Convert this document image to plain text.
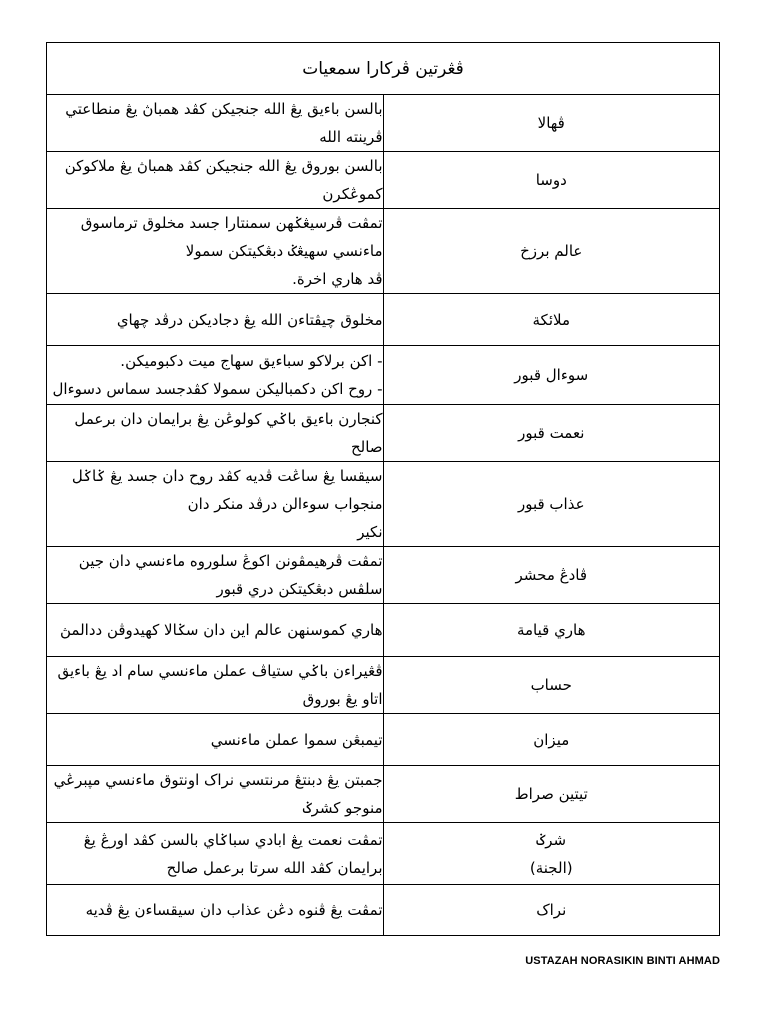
ڤڠرتين ڤركارا سمعيات	
ڤهالا	بالسن باءيق يڠ الله جنجيكن كڤد همباڽ يڠ منطاعتي ڤرينته الله

دوسا	بالسن بوروق يڠ الله جنجيكن كڤد همباڽ يڠ ملاكوكن كموڠكرن

عالم برزخ	تمڤت ڤرسيڠݢهن سمنتارا جسد مخلوق ترماسوق ماءنسي سهيڠݢ دبڠكيتكن سمولا
ڤد هاري اخرة.

ملائكة	مخلوق چيڤتاءن الله يڠ دجاديكن درڤد چهاي

سوءال قبور	- اكن برلاكو سباءيق سهاج ميت دكبوميكن.
- روح اكن دكمباليكن سمولا كڤدجسد سماس دسوءال

نعمت قبور	كنجارن باءيق باݢي كولوڠن يڠ برايمان دان برعمل صالح

عذاب قبور	سيقسا يڠ ساڠت ڤديه كڤد روح دان جسد يڠ ݢاݢل منجواب سوءالن درڤد منكر دان
نكير

ڤادڠ محشر	تمڤت ڤرهيمڤونن اكوڠ سلوروه ماءنسي دان جين سلڤس دبڠكيتكن دري قبور

هاري قيامة	هاري كموسنهن عالم اين دان سݢالا كهيدوڤن ددالمڽ

حساب	ڤڠيراءن باݢي ستياڤ عملن ماءنسي سام اد يڠ باءيق اتاو يڠ بوروق

ميزان	تيمبڠن سموا عملن ماءنسي

تيتين صراط	جمبتن يڠ دبنتڠ مرنتسي نراک اونتوق ماءنسي مڽبرڠي منوجو كشرݢ

شرݢ
(الجنة)	تمڤت نعمت يڠ ابادي سباݢاي بالسن كڤد اورڠ يڠ برايمان كڤد الله سرتا برعمل صالح

نراک	تمڤت يڠ ڤنوه دڠن عذاب دان سيقساءن يڠ ڤديه
USTAZAH NORASIKIN BINTI AHMAD
